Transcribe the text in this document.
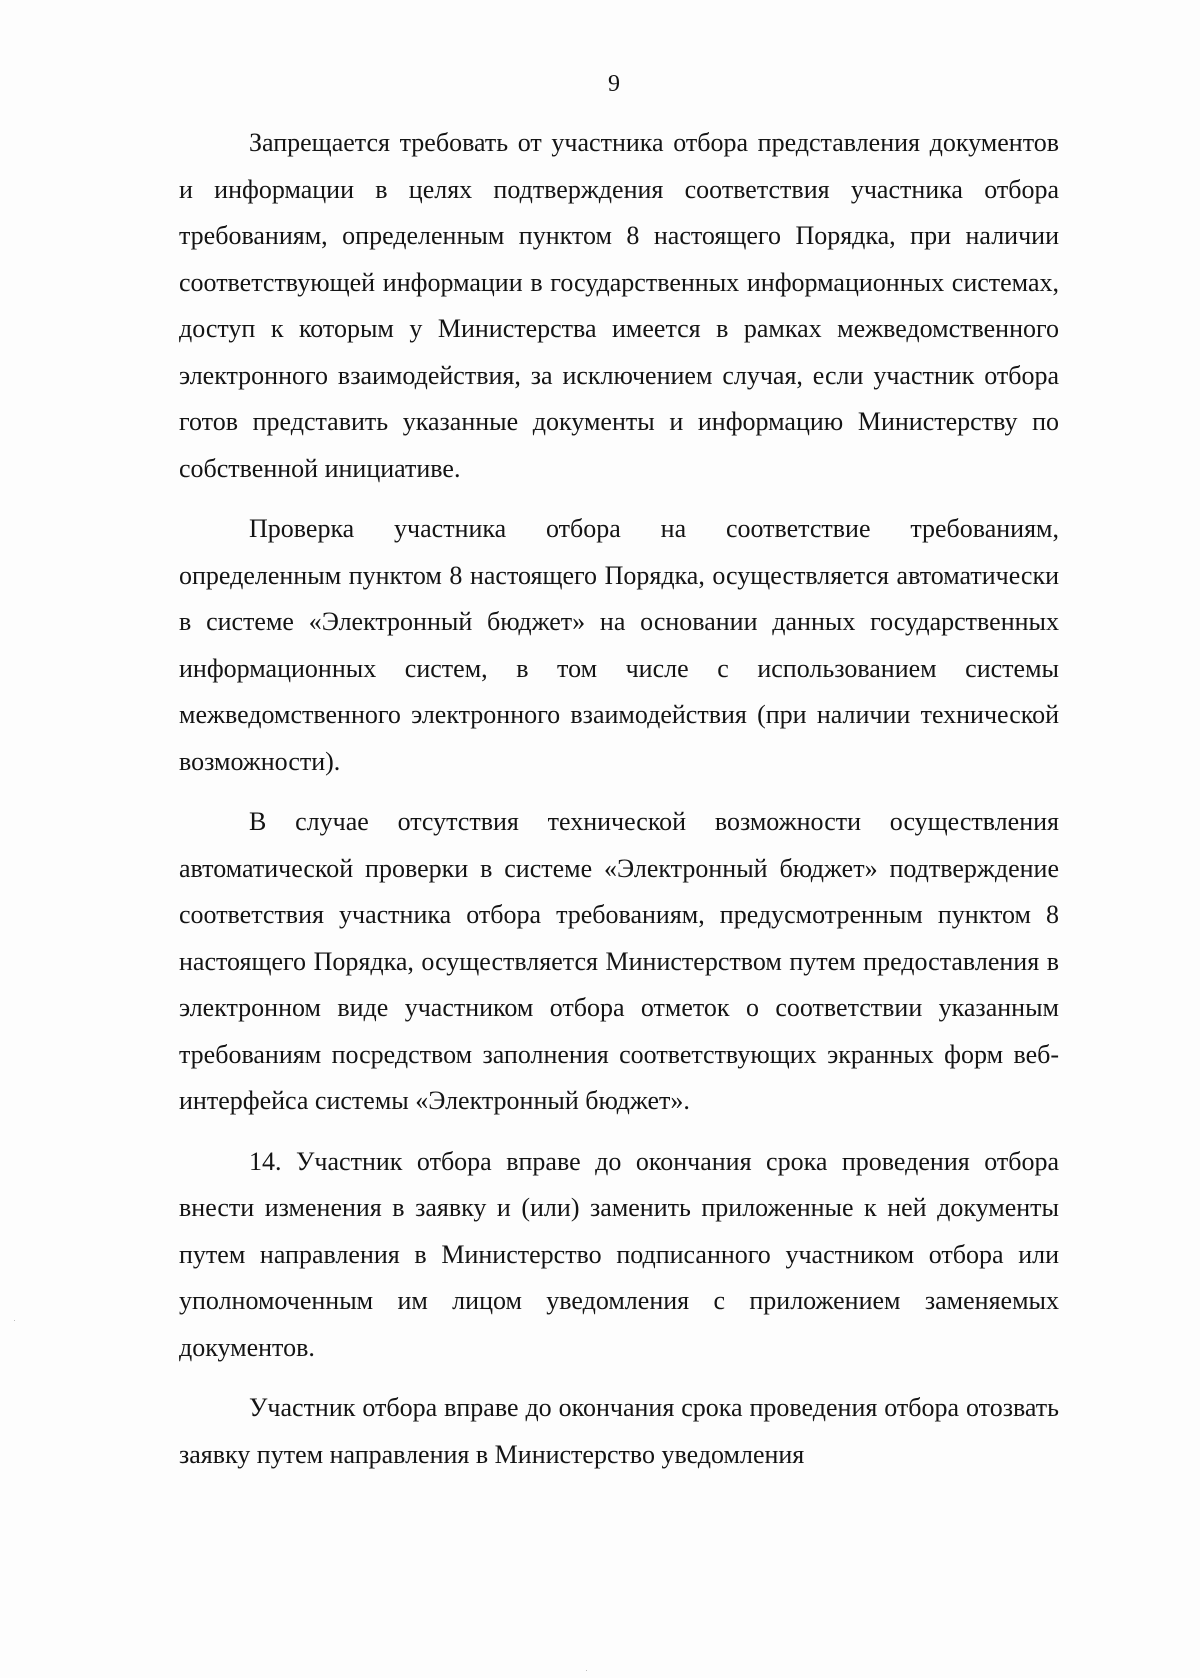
9

Запрещается требовать от участника отбора представления документов и информации в целях подтверждения соответствия участника отбора требованиям, определенным пунктом 8 настоящего Порядка, при наличии соответствующей информации в государственных информационных системах, доступ к которым у Министерства имеется в рамках межведомственного электронного взаимодействия, за исключением случая, если участник отбора готов представить указанные документы и информацию Министерству по собственной инициативе.

Проверка участника отбора на соответствие требованиям, определенным пунктом 8 настоящего Порядка, осуществляется автоматически в системе «Электронный бюджет» на основании данных государственных информационных систем, в том числе с использованием системы межведомственного электронного взаимодействия (при наличии технической возможности).

В случае отсутствия технической возможности осуществления автоматической проверки в системе «Электронный бюджет» подтверждение соответствия участника отбора требованиям, предусмотренным пунктом 8 настоящего Порядка, осуществляется Министерством путем предоставления в электронном виде участником отбора отметок о соответствии указанным требованиям посредством заполнения соответствующих экранных форм веб-интерфейса системы «Электронный бюджет».

14. Участник отбора вправе до окончания срока проведения отбора внести изменения в заявку и (или) заменить приложенные к ней документы путем направления в Министерство подписанного участником отбора или уполномоченным им лицом уведомления с приложением заменяемых документов.

Участник отбора вправе до окончания срока проведения отбора отозвать заявку путем направления в Министерство уведомления
